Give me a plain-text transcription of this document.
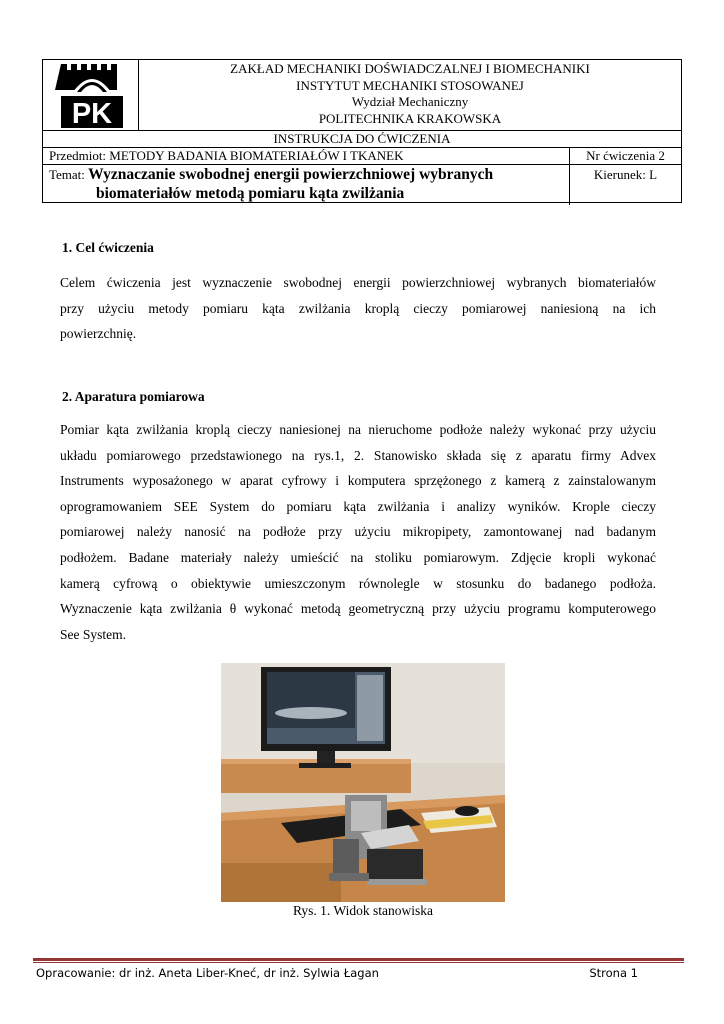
PK
ZAKŁAD MECHANIKI DOŚWIADCZALNEJ I BIOMECHANIKI
INSTYTUT MECHANIKI STOSOWANEJ
Wydział Mechaniczny
POLITECHNIKA KRAKOWSKA
INSTRUKCJA DO ĆWICZENIA
Przedmiot: METODY BADANIA BIOMATERIAŁÓW I TKANEK	Nr ćwiczenia 2
Temat: Wyznaczanie swobodnej energii powierzchniowej wybranych
biomateriałów metodą pomiaru kąta zwilżania
Kierunek: L
1. Cel ćwiczenia
Celem ćwiczenia jest wyznaczenie swobodnej energii powierzchniowej wybranych biomateriałów
przy użyciu metody pomiaru kąta zwilżania kroplą cieczy pomiarowej naniesioną na ich
powierzchnię.
2. Aparatura pomiarowa
Pomiar kąta zwilżania kroplą cieczy naniesionej na nieruchome podłoże należy wykonać przy użyciu
układu pomiarowego przedstawionego na rys.1, 2. Stanowisko składa się z aparatu firmy Advex
Instruments wyposażonego w aparat cyfrowy i komputera sprzężonego z kamerą z zainstalowanym
oprogramowaniem SEE System do pomiaru kąta zwilżania i analizy wyników. Krople cieczy
pomiarowej należy nanosić na podłoże przy użyciu mikropipety, zamontowanej nad badanym
podłożem. Badane materiały należy umieścić na stoliku pomiarowym. Zdjęcie kropli wykonać
kamerą cyfrową o obiektywie umieszczonym równolegle w stosunku do badanego podłoża.
Wyznaczenie kąta zwilżania θ wykonać metodą geometryczną przy użyciu programu komputerowego
See System.
Rys. 1. Widok stanowiska
Opracowanie: dr inż. Aneta Liber-Kneć, dr inż. Sylwia Łagan	Strona 1
